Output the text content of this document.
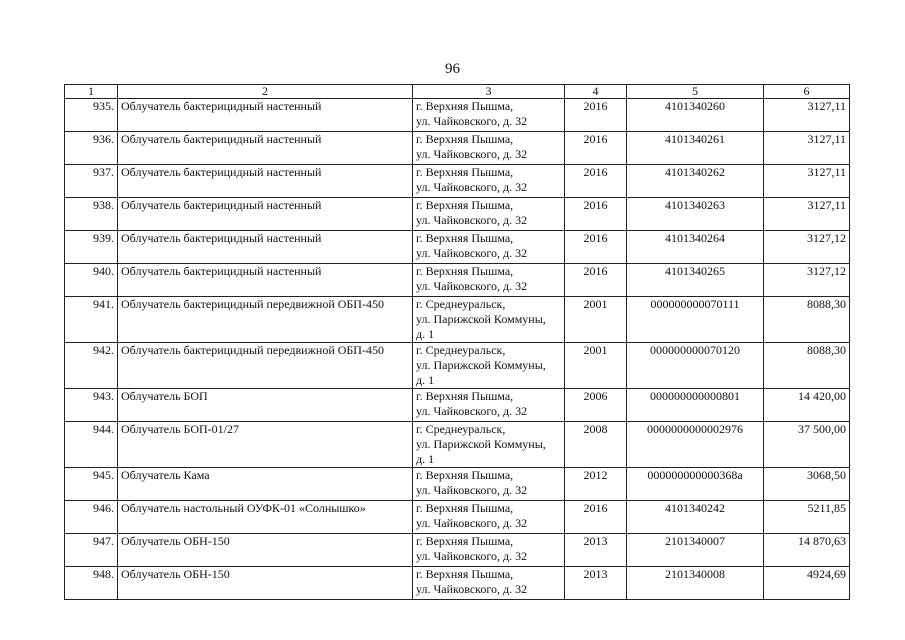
96
1	2	3	4	5	6
935.	Облучатель бактерицидный настенный	г. Верхняя Пышма,
ул. Чайковского, д. 32	2016	4101340260	3127,11
936.	Облучатель бактерицидный настенный	г. Верхняя Пышма,
ул. Чайковского, д. 32	2016	4101340261	3127,11
937.	Облучатель бактерицидный настенный	г. Верхняя Пышма,
ул. Чайковского, д. 32	2016	4101340262	3127,11
938.	Облучатель бактерицидный настенный	г. Верхняя Пышма,
ул. Чайковского, д. 32	2016	4101340263	3127,11
939.	Облучатель бактерицидный настенный	г. Верхняя Пышма,
ул. Чайковского, д. 32	2016	4101340264	3127,12
940.	Облучатель бактерицидный настенный	г. Верхняя Пышма,
ул. Чайковского, д. 32	2016	4101340265	3127,12
941.	Облучатель бактерицидный передвижной ОБП-450	г. Среднеуральск,
ул. Парижской Коммуны,
д. 1	2001	000000000070111	8088,30
942.	Облучатель бактерицидный передвижной ОБП-450	г. Среднеуральск,
ул. Парижской Коммуны,
д. 1	2001	000000000070120	8088,30
943.	Облучатель БОП	г. Верхняя Пышма,
ул. Чайковского, д. 32	2006	000000000000801	14 420,00
944.	Облучатель БОП-01/27	г. Среднеуральск,
ул. Парижской Коммуны,
д. 1	2008	0000000000002976	37 500,00
945.	Облучатель Кама	г. Верхняя Пышма,
ул. Чайковского, д. 32	2012	000000000000368а	3068,50
946.	Облучатель настольный ОУФК-01 «Солнышко»	г. Верхняя Пышма,
ул. Чайковского, д. 32	2016	4101340242	5211,85
947.	Облучатель ОБН-150	г. Верхняя Пышма,
ул. Чайковского, д. 32	2013	2101340007	14 870,63
948.	Облучатель ОБН-150	г. Верхняя Пышма,
ул. Чайковского, д. 32	2013	2101340008	4924,69
